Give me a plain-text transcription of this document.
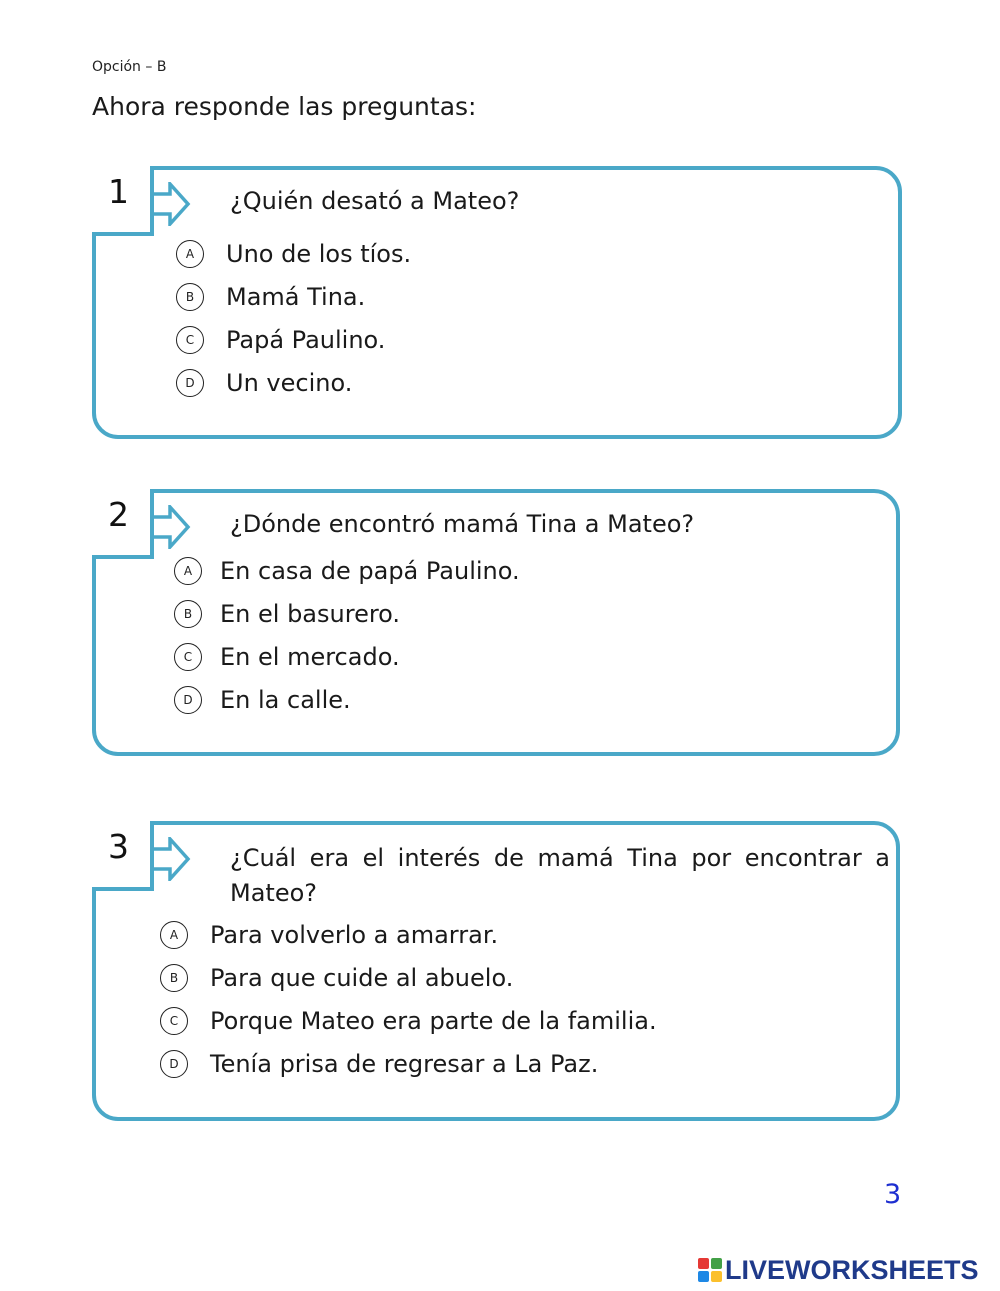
Opción – B
Ahora responde las preguntas:
1	¿Quién desató a Mateo?
A	Uno de los tíos.
B	Mamá Tina.
C	Papá Paulino.
D	Un vecino.
2	¿Dónde encontró mamá Tina a Mateo?
A	En casa de papá Paulino.
B	En el basurero.
C	En el mercado.
D	En la calle.
3	¿Cuál era el interés de mamá Tina por encontrar a Mateo?
A	Para volverlo a amarrar.
B	Para que cuide al abuelo.
C	Porque Mateo era parte de la familia.
D	Tenía prisa de regresar a La Paz.
3
LIVEWORKSHEETS
